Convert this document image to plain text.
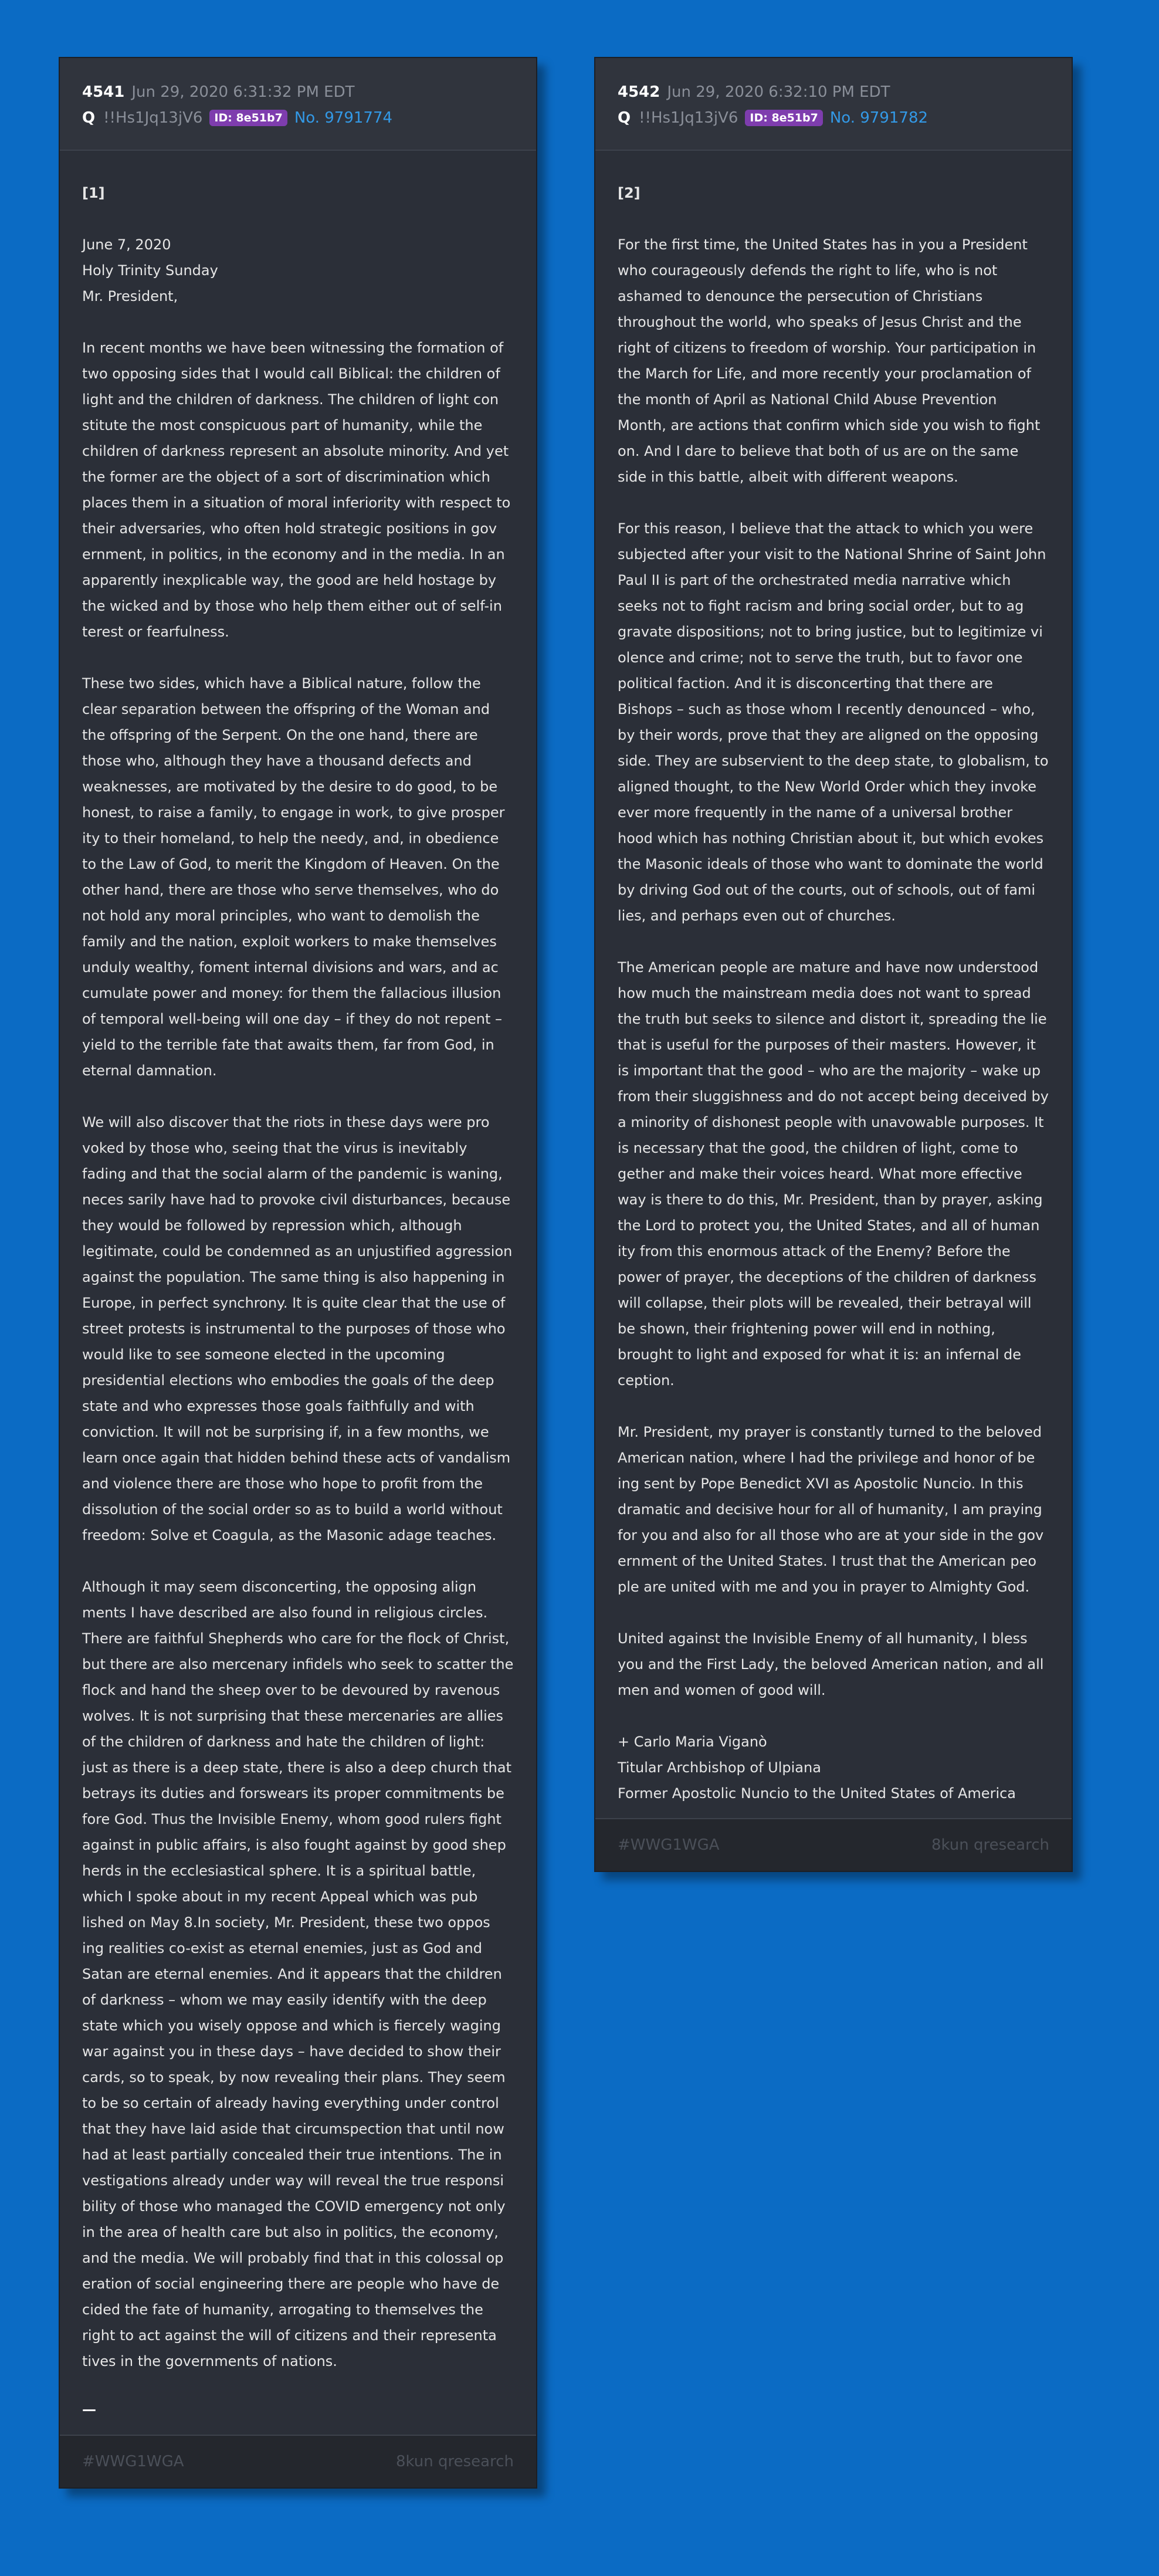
4541 Jun 29, 2020 6:31:32 PM EDT
Q !!Hs1Jq13jV6 ID: 8e51b7 No. 9791774

[1]

June 7, 2020
Holy Trinity Sunday
Mr. President,

In recent months we have been witnessing the formation of two opposing sides that I would call Biblical: the children of light and the children of darkness. The children of light con stitute the most conspicuous part of humanity, while the children of darkness represent an absolute minority. And yet the former are the object of a sort of discrimination which places them in a situation of moral inferiority with respect to their adversaries, who often hold strategic positions in gov ernment, in politics, in the economy and in the media. In an apparently inexplicable way, the good are held hostage by the wicked and by those who help them either out of self-in terest or fearfulness.

These two sides, which have a Biblical nature, follow the clear separation between the offspring of the Woman and the offspring of the Serpent. On the one hand, there are those who, although they have a thousand defects and weaknesses, are motivated by the desire to do good, to be honest, to raise a family, to engage in work, to give prosper ity to their homeland, to help the needy, and, in obedience to the Law of God, to merit the Kingdom of Heaven. On the other hand, there are those who serve themselves, who do not hold any moral principles, who want to demolish the family and the nation, exploit workers to make themselves unduly wealthy, foment internal divisions and wars, and ac cumulate power and money: for them the fallacious illusion of temporal well-being will one day – if they do not repent – yield to the terrible fate that awaits them, far from God, in eternal damnation.

We will also discover that the riots in these days were pro voked by those who, seeing that the virus is inevitably fading and that the social alarm of the pandemic is waning, neces sarily have had to provoke civil disturbances, because they would be followed by repression which, although legitimate, could be condemned as an unjustified aggression against the population. The same thing is also happening in Europe, in perfect synchrony. It is quite clear that the use of street protests is instrumental to the purposes of those who would like to see someone elected in the upcoming presidential elections who embodies the goals of the deep state and who expresses those goals faithfully and with conviction. It will not be surprising if, in a few months, we learn once again that hidden behind these acts of vandalism and violence there are those who hope to profit from the dissolution of the social order so as to build a world without freedom: Solve et Coagula, as the Masonic adage teaches.

Although it may seem disconcerting, the opposing align ments I have described are also found in religious circles. There are faithful Shepherds who care for the flock of Christ, but there are also mercenary infidels who seek to scatter the flock and hand the sheep over to be devoured by ravenous wolves. It is not surprising that these mercenaries are allies of the children of darkness and hate the children of light: just as there is a deep state, there is also a deep church that betrays its duties and forswears its proper commitments be fore God. Thus the Invisible Enemy, whom good rulers fight against in public affairs, is also fought against by good shep herds in the ecclesiastical sphere. It is a spiritual battle, which I spoke about in my recent Appeal which was pub lished on May 8.In society, Mr. President, these two oppos ing realities co-exist as eternal enemies, just as God and Satan are eternal enemies. And it appears that the children of darkness – whom we may easily identify with the deep state which you wisely oppose and which is fiercely waging war against you in these days – have decided to show their cards, so to speak, by now revealing their plans. They seem to be so certain of already having everything under control that they have laid aside that circumspection that until now had at least partially concealed their true intentions. The in vestigations already under way will reveal the true responsi bility of those who managed the COVID emergency not only in the area of health care but also in politics, the economy, and the media. We will probably find that in this colossal op eration of social engineering there are people who have de cided the fate of humanity, arrogating to themselves the right to act against the will of citizens and their representa tives in the governments of nations.

—
#WWG1WGA	8kun qresearch
4542 Jun 29, 2020 6:32:10 PM EDT
Q !!Hs1Jq13jV6 ID: 8e51b7 No. 9791782

[2]

For the first time, the United States has in you a President who courageously defends the right to life, who is not ashamed to denounce the persecution of Christians throughout the world, who speaks of Jesus Christ and the right of citizens to freedom of worship. Your participation in the March for Life, and more recently your proclamation of the month of April as National Child Abuse Prevention Month, are actions that confirm which side you wish to fight on. And I dare to believe that both of us are on the same side in this battle, albeit with different weapons.

For this reason, I believe that the attack to which you were subjected after your visit to the National Shrine of Saint John Paul II is part of the orchestrated media narrative which seeks not to fight racism and bring social order, but to ag gravate dispositions; not to bring justice, but to legitimize vi olence and crime; not to serve the truth, but to favor one political faction. And it is disconcerting that there are Bishops – such as those whom I recently denounced – who, by their words, prove that they are aligned on the opposing side. They are subservient to the deep state, to globalism, to aligned thought, to the New World Order which they invoke ever more frequently in the name of a universal brother hood which has nothing Christian about it, but which evokes the Masonic ideals of those who want to dominate the world by driving God out of the courts, out of schools, out of fami lies, and perhaps even out of churches.

The American people are mature and have now understood how much the mainstream media does not want to spread the truth but seeks to silence and distort it, spreading the lie that is useful for the purposes of their masters. However, it is important that the good – who are the majority – wake up from their sluggishness and do not accept being deceived by a minority of dishonest people with unavowable purposes. It is necessary that the good, the children of light, come to gether and make their voices heard. What more effective way is there to do this, Mr. President, than by prayer, asking the Lord to protect you, the United States, and all of human ity from this enormous attack of the Enemy? Before the power of prayer, the deceptions of the children of darkness will collapse, their plots will be revealed, their betrayal will be shown, their frightening power will end in nothing, brought to light and exposed for what it is: an infernal de ception.

Mr. President, my prayer is constantly turned to the beloved American nation, where I had the privilege and honor of be ing sent by Pope Benedict XVI as Apostolic Nuncio. In this dramatic and decisive hour for all of humanity, I am praying for you and also for all those who are at your side in the gov ernment of the United States. I trust that the American peo ple are united with me and you in prayer to Almighty God.

United against the Invisible Enemy of all humanity, I bless you and the First Lady, the beloved American nation, and all men and women of good will.

+ Carlo Maria Viganò
Titular Archbishop of Ulpiana
Former Apostolic Nuncio to the United States of America

#WWG1WGA	8kun qresearch
